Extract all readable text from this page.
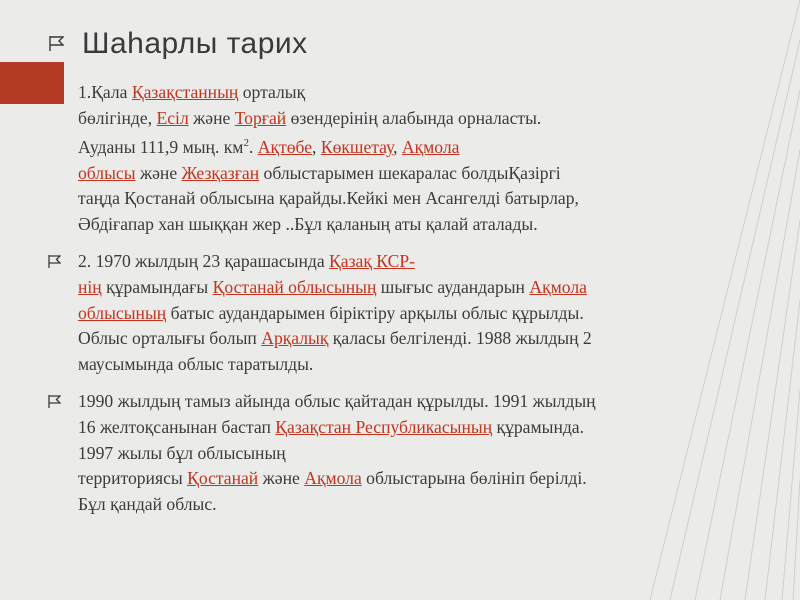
Шаһарлы тарих

1.Қала Қазақстанның орталық
бөлігінде, Есіл және Торғай өзендерінің алабында орналасты.
Ауданы 111,9 мың. $км^2$. Ақтөбе, Көкшетау, Ақмола
облысы және Жезқазған облыстарымен шекаралас болдыҚазіргі
таңда Қостанай облысына қарайды.Кейкі мен Асангелді батырлар,
Әбдіғапар хан шыққан жер ..Бұл қаланың аты қалай аталады.

2. 1970 жылдың 23 қарашасында Қазақ КСР-
нің құрамындағы Қостанай облысының шығыс аудандарын Ақмола
облысының батыс аудандарымен біріктіру арқылы облыс құрылды.
Облыс орталығы болып Арқалық қаласы белгіленді. 1988 жылдың 2
маусымында облыс таратылды.

1990 жылдың тамыз айында облыс қайтадан құрылды. 1991 жылдың
16 желтоқсанынан бастап Қазақстан Республикасының құрамында.
1997 жылы бұл облысының
территориясы Қостанай және Ақмола облыстарына бөлініп берілді.
Бұл қандай облыс.
